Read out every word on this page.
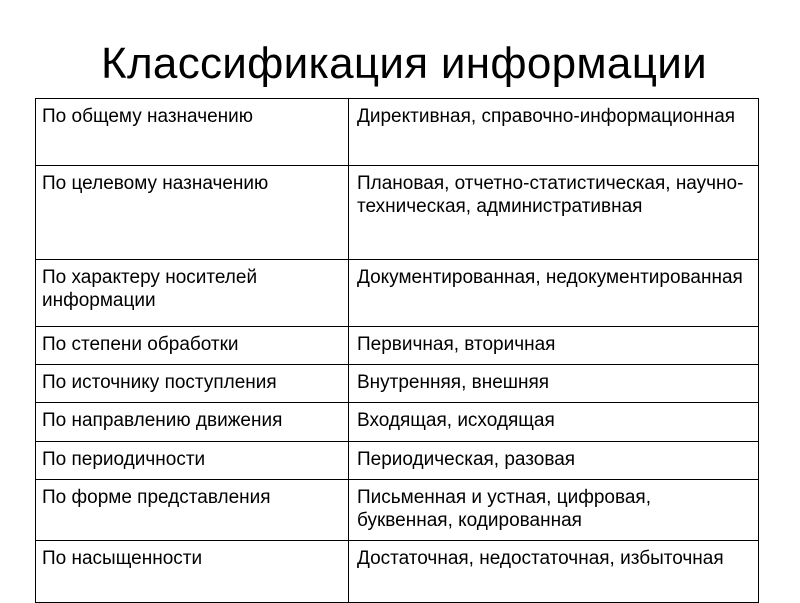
Классификация информации
По общему назначению	Директивная, справочно-информационная
По целевому назначению	Плановая, отчетно-статистическая, научно-техническая, административная
По характеру носителей информации	Документированная, недокументированная
По степени обработки	Первичная, вторичная
По источнику поступления	Внутренняя, внешняя
По направлению движения	Входящая, исходящая
По периодичности	Периодическая, разовая
По форме представления	Письменная и устная, цифровая, буквенная, кодированная
По насыщенности	Достаточная, недостаточная, избыточная
